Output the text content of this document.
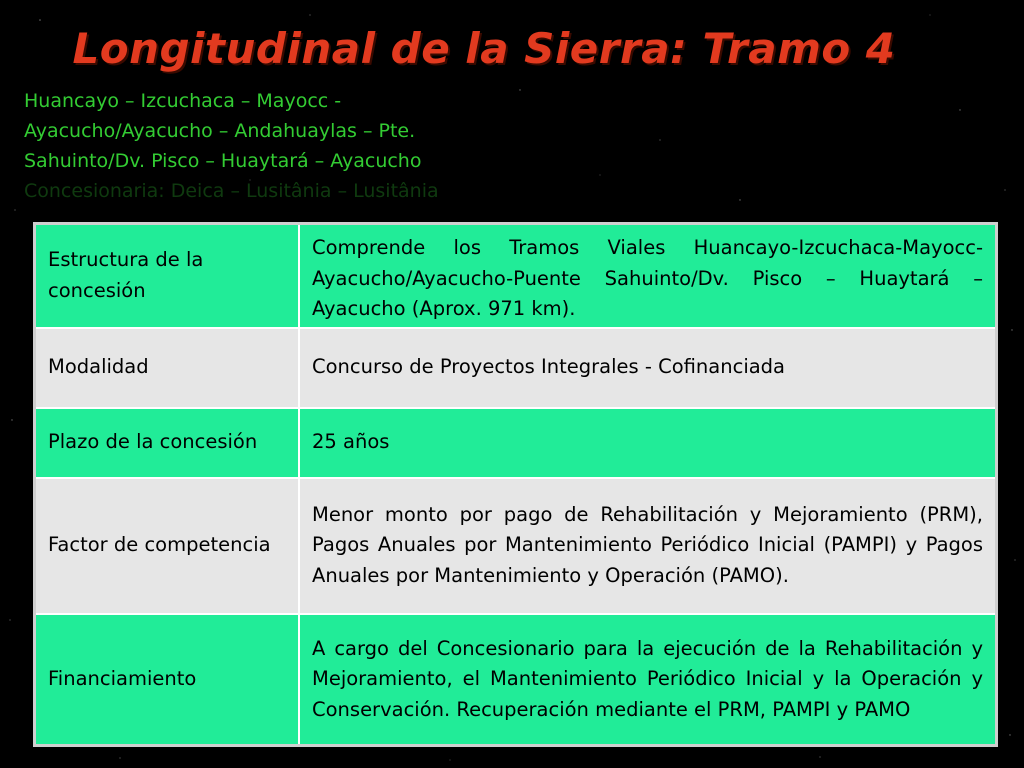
Longitudinal de la Sierra: Tramo 4
Huancayo – Izcuchaca – Mayocc -
Ayacucho/Ayacucho – Andahuaylas – Pte.
Sahuinto/Dv. Pisco – Huaytará – Ayacucho
Concesionaria: Deica – Lusitânia – Lusitânia
Estructura de la concesión	Comprende los Tramos Viales Huancayo-Izcuchaca-Mayocc-Ayacucho/Ayacucho-Puente Sahuinto/Dv. Pisco – Huaytará – Ayacucho (Aprox. 971 km).
Modalidad	Concurso de Proyectos Integrales - Cofinanciada
Plazo de la concesión	25 años
Factor de competencia	Menor monto por pago de Rehabilitación y Mejoramiento (PRM), Pagos Anuales por Mantenimiento Periódico Inicial (PAMPI) y Pagos Anuales por Mantenimiento y Operación (PAMO).
Financiamiento	A cargo del Concesionario para la ejecución de la Rehabilitación y Mejoramiento, el Mantenimiento Periódico Inicial y la Operación y Conservación. Recuperación mediante el PRM, PAMPI y PAMO
